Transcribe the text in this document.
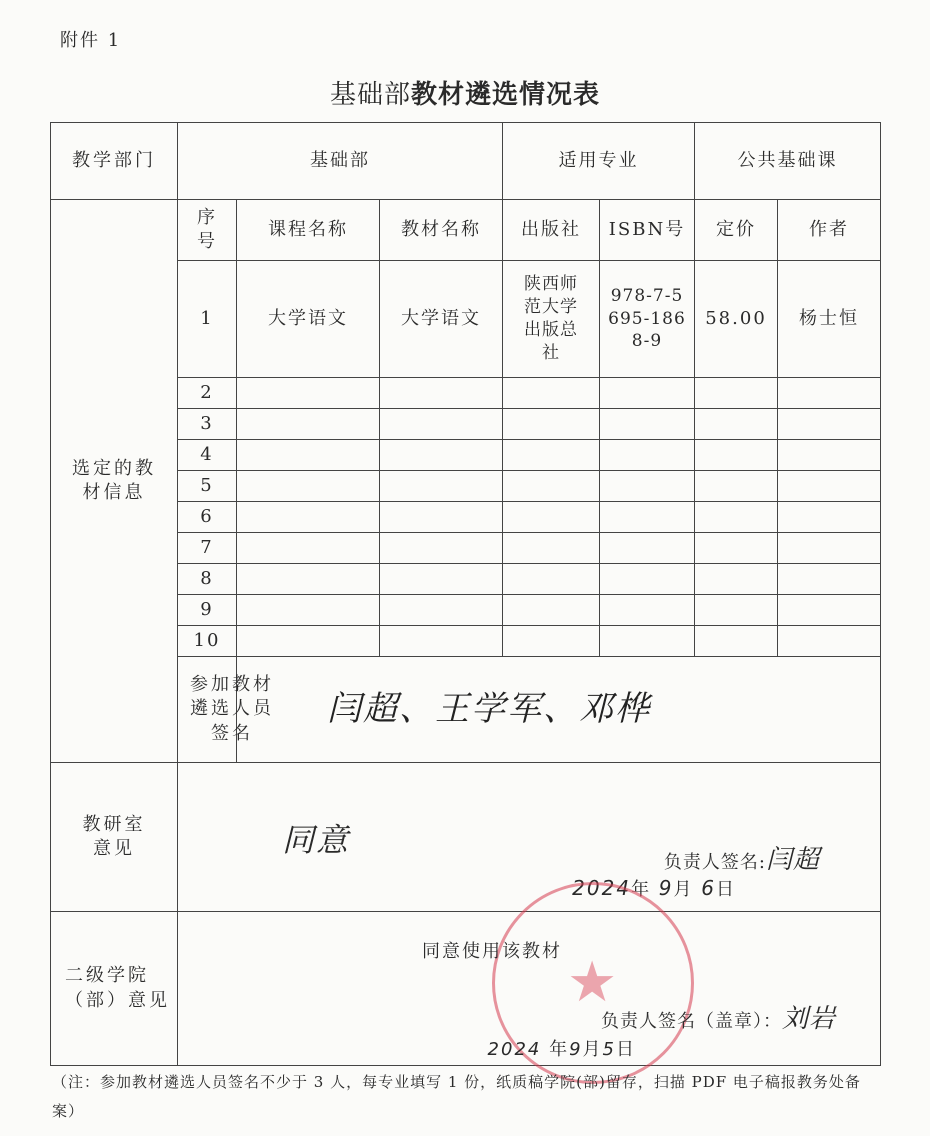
附件 1
基础部教材遴选情况表
教学部门	基础部			适用专业		公共基础课	
选定的教材信息	序号	课程名称	教材名称	出版社	ISBN号	定价	作者
	1	大学语文	大学语文	陕西师范大学出版总社	978-7-5695-1868-9	58.00	杨士恒
	2						
	3						
	4						
	5						
	6						
	7						
	8						
	9						
	10						
	参加教材遴选人员签名	闫超、王学军、邓桦					
教研室意见	同意
负责人签名:闫超
2024年 9月 6日						

二级学院（部）意见	★
同意使用该教材
负责人签名（盖章）：刘岩
2024 年9月5日						
（注：参加教材遴选人员签名不少于 3 人，每专业填写 1 份，纸质稿学院(部)留存，扫描 PDF 电子稿报教务处备案）
